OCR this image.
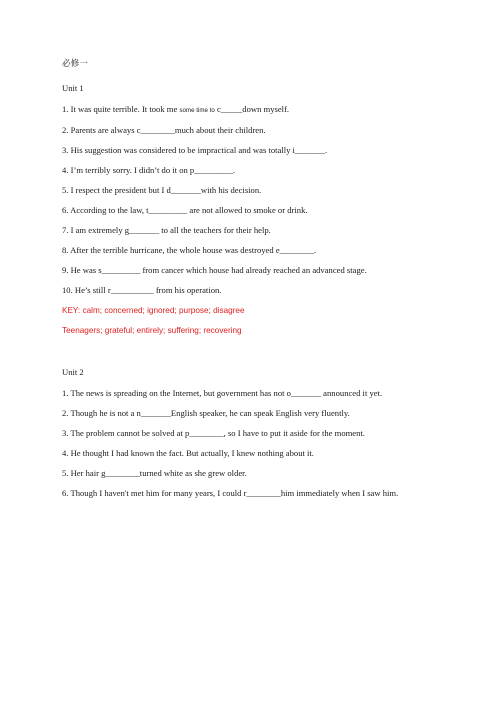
必修一

Unit 1

1. It was quite terrible. It took me some time to c_____down myself.

2. Parents are always c________much about their children.

3. His suggestion was considered to be impractical and was totally i_______.

4. I’m terribly sorry. I didn’t do it on p_________.

5. I respect the president but I d_______with his decision.

6. According to the law, t_________ are not allowed to smoke or drink.

7. I am extremely g_______ to all the teachers for their help.

8. After the terrible hurricane, the whole house was destroyed e________.

9. He was s_________ from cancer which house had already reached an advanced stage.

10. He’s still r__________ from his operation.

KEY: calm; concerned; ignored; purpose; disagree

Teenagers; grateful; entirely; suffering; recovering

Unit 2

1. The news is spreading on the Internet, but government has not o_______ announced it yet.

2. Though he is not a n_______English speaker, he can speak English very fluently.

3. The problem cannot be solved at p________, so I have to put it aside for the moment.

4. He thought I had known the fact. But actually, I knew nothing about it.

5. Her hair g________turned white as she grew older.

6. Though I haven't met him for many years, I could r________him immediately when I saw him.
